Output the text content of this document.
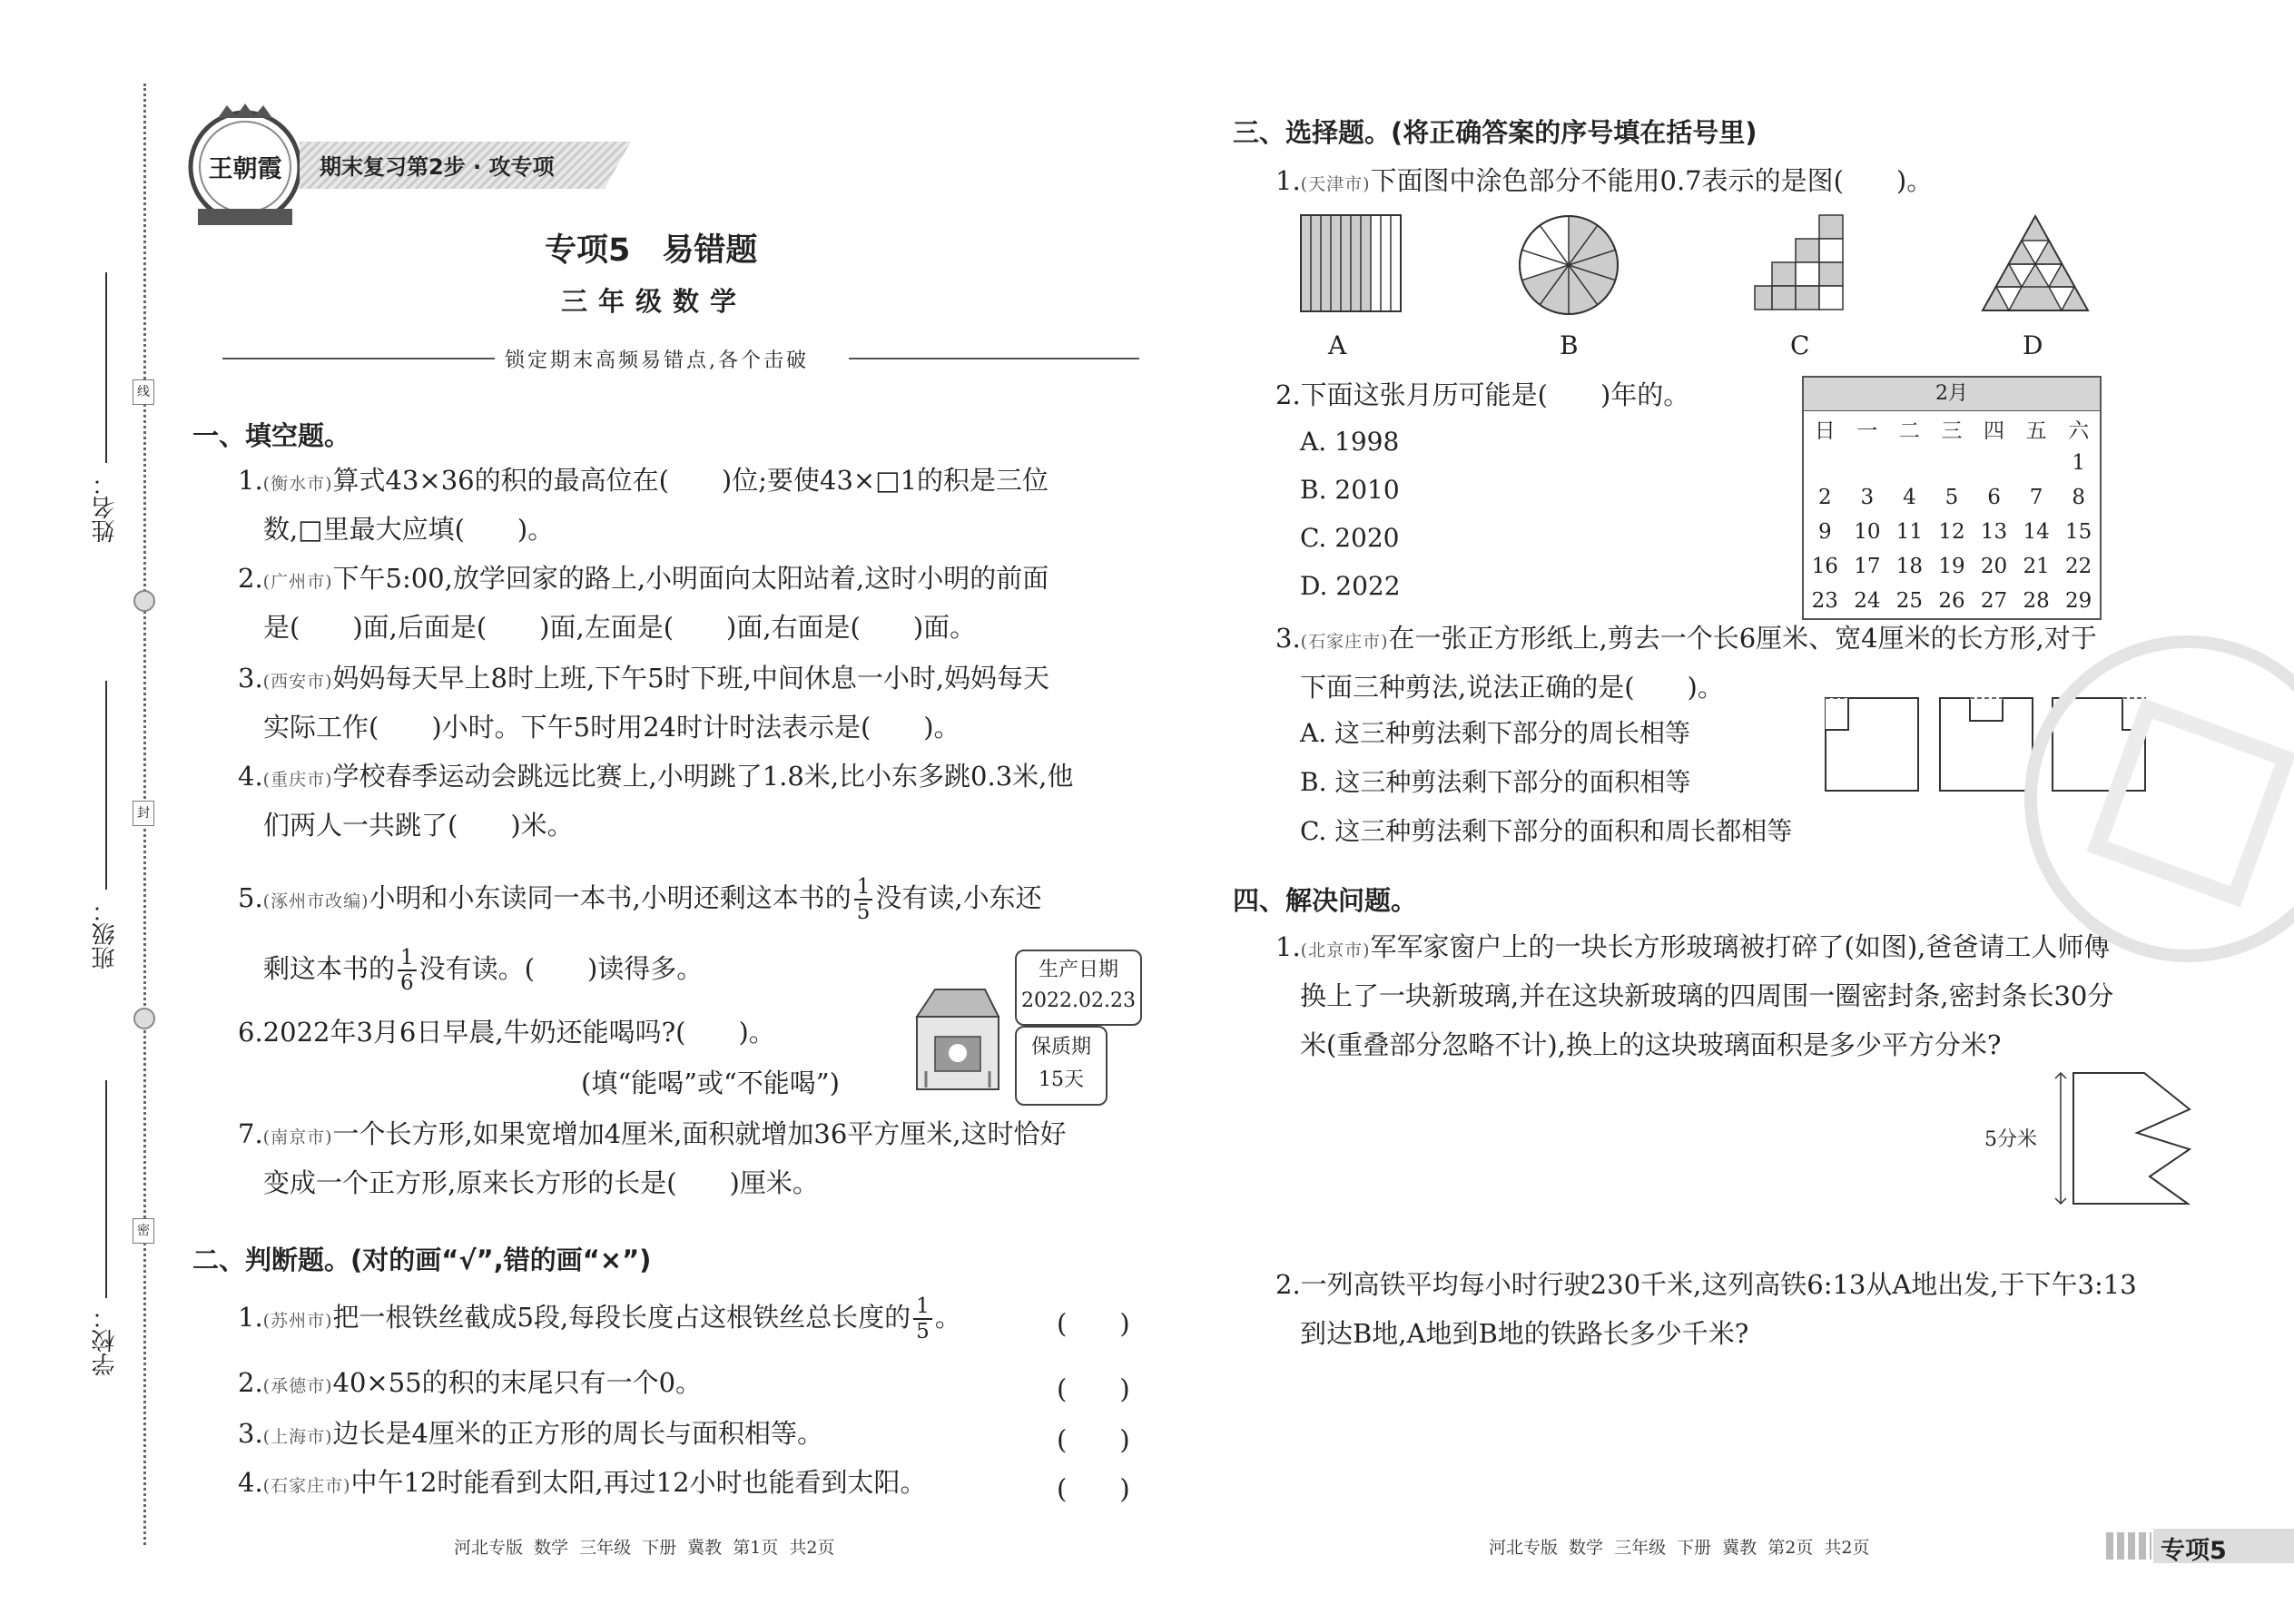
线
封
密
姓名：
班级：
学校：
王朝霞	期末复习第2步 · 攻专项
专项5　易错题
三年级数学
锁定期末高频易错点,各个击破
一、填空题。
1.(衡水市)算式43×36的积的最高位在(　　)位;要使43×□1的积是三位
数,□里最大应填(　　)。
2.(广州市)下午5:00,放学回家的路上,小明面向太阳站着,这时小明的前面
是(　　)面,后面是(　　)面,左面是(　　)面,右面是(　　)面。
3.(西安市)妈妈每天早上8时上班,下午5时下班,中间休息一小时,妈妈每天
实际工作(　　)小时。下午5时用24时计时法表示是(　　)。
4.(重庆市)学校春季运动会跳远比赛上,小明跳了1.8米,比小东多跳0.3米,他
们两人一共跳了(　　)米。
5.(涿州市改编)小明和小东读同一本书,小明还剩这本书的 $\frac{1}{5}$ 没有读,小东还
剩这本书的 $\frac{1}{6}$ 没有读。(　　)读得多。
6.2022年3月6日早晨,牛奶还能喝吗?(　　)。
(填“能喝”或“不能喝”)
生产日期
2022.02.23
保质期
15天
7.(南京市)一个长方形,如果宽增加4厘米,面积就增加36平方厘米,这时恰好
变成一个正方形,原来长方形的长是(　　)厘米。
二、判断题。(对的画“√”,错的画“×”)
1.(苏州市)把一根铁丝截成5段,每段长度占这根铁丝总长度的 $\frac{1}{5}$ 。	(　　)
2.(承德市)40×55的积的末尾只有一个0。	(　　)
3.(上海市)边长是4厘米的正方形的周长与面积相等。	(　　)
4.(石家庄市)中午12时能看到太阳,再过12小时也能看到太阳。	(　　)
河北专版 数学 三年级 下册 冀教 第1页 共2页
三、选择题。(将正确答案的序号填在括号里)
1.(天津市)下面图中涂色部分不能用0.7表示的是图(　　)。
A	B	C	D
2.下面这张月历可能是(　　)年的。
A. 1998
B. 2010
C. 2020
D. 2022
2月
日	一	二	三	四	五	六
						1
2	3	4	5	6	7	8
9	10	11	12	13	14	15
16	17	18	19	20	21	22
23	24	25	26	27	28	29
3.(石家庄市)在一张正方形纸上,剪去一个长6厘米、宽4厘米的长方形,对于
下面三种剪法,说法正确的是(　　)。
A. 这三种剪法剩下部分的周长相等
B. 这三种剪法剩下部分的面积相等
C. 这三种剪法剩下部分的面积和周长都相等
四、解决问题。
1.(北京市)军军家窗户上的一块长方形玻璃被打碎了(如图),爸爸请工人师傅
换上了一块新玻璃,并在这块新玻璃的四周围一圈密封条,密封条长30分
米(重叠部分忽略不计),换上的这块玻璃面积是多少平方分米?
5分米
2.一列高铁平均每小时行驶230千米,这列高铁6:13从A地出发,于下午3:13
到达B地,A地到B地的铁路长多少千米?
河北专版 数学 三年级 下册 冀教 第2页 共2页	专项5
